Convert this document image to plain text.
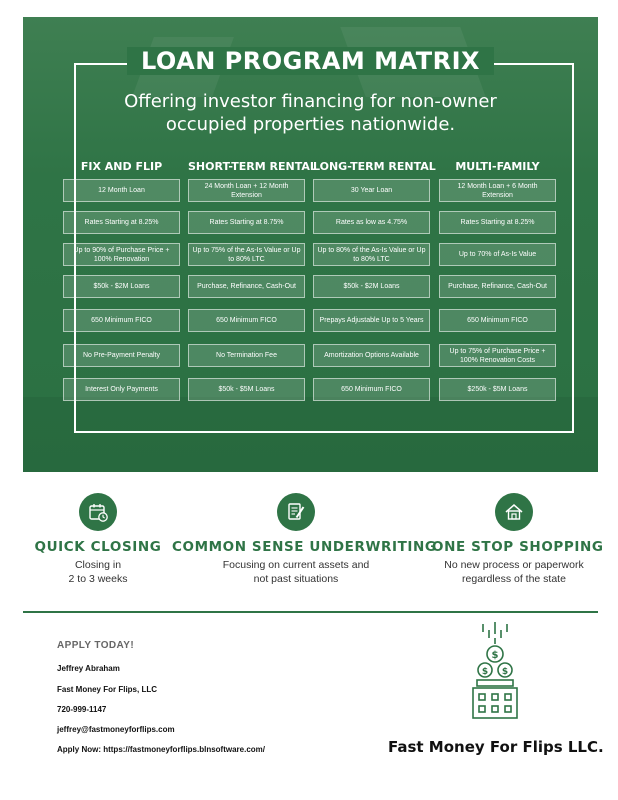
LOAN PROGRAM MATRIX
Offering investor financing for non-owner
occupied properties nationwide.
FIX AND FLIP
12 Month Loan
Rates Starting at 8.25%
Up to 90% of Purchase Price + 100% Renovation
$50k - $2M Loans
650 Minimum FICO
No Pre-Payment Penalty
Interest Only Payments
SHORT-TERM RENTAL
24 Month Loan + 12 Month Extension
Rates Starting at 8.75%
Up to 75% of the As-Is Value or Up to 80% LTC
Purchase, Refinance, Cash-Out
650 Minimum FICO
No Termination Fee
$50k - $5M Loans
LONG-TERM RENTAL
30 Year Loan
Rates as low as 4.75%
Up to 80% of the As-Is Value or Up to 80% LTC
$50k - $2M Loans
Prepays Adjustable Up to 5 Years
Amortization Options Available
650 Minimum FICO
MULTI-FAMILY
12 Month Loan + 6 Month Extension
Rates Starting at 8.25%
Up to 70% of As-Is Value
Purchase, Refinance, Cash-Out
650 Minimum FICO
Up to 75% of Purchase Price + 100% Renovation Costs
$250k - $5M Loans
QUICK CLOSING
Closing in
2 to 3 weeks
COMMON SENSE UNDERWRITING
Focusing on current assets and
not past situations
ONE STOP SHOPPING
No new process or paperwork
regardless of the state
APPLY TODAY!
Jeffrey Abraham
Fast Money For Flips, LLC
720-999-1147
jeffrey@fastmoneyforflips.com
Apply Now: https://fastmoneyforflips.blnsoftware.com/
$
$ $
Fast Money For Flips LLC.
